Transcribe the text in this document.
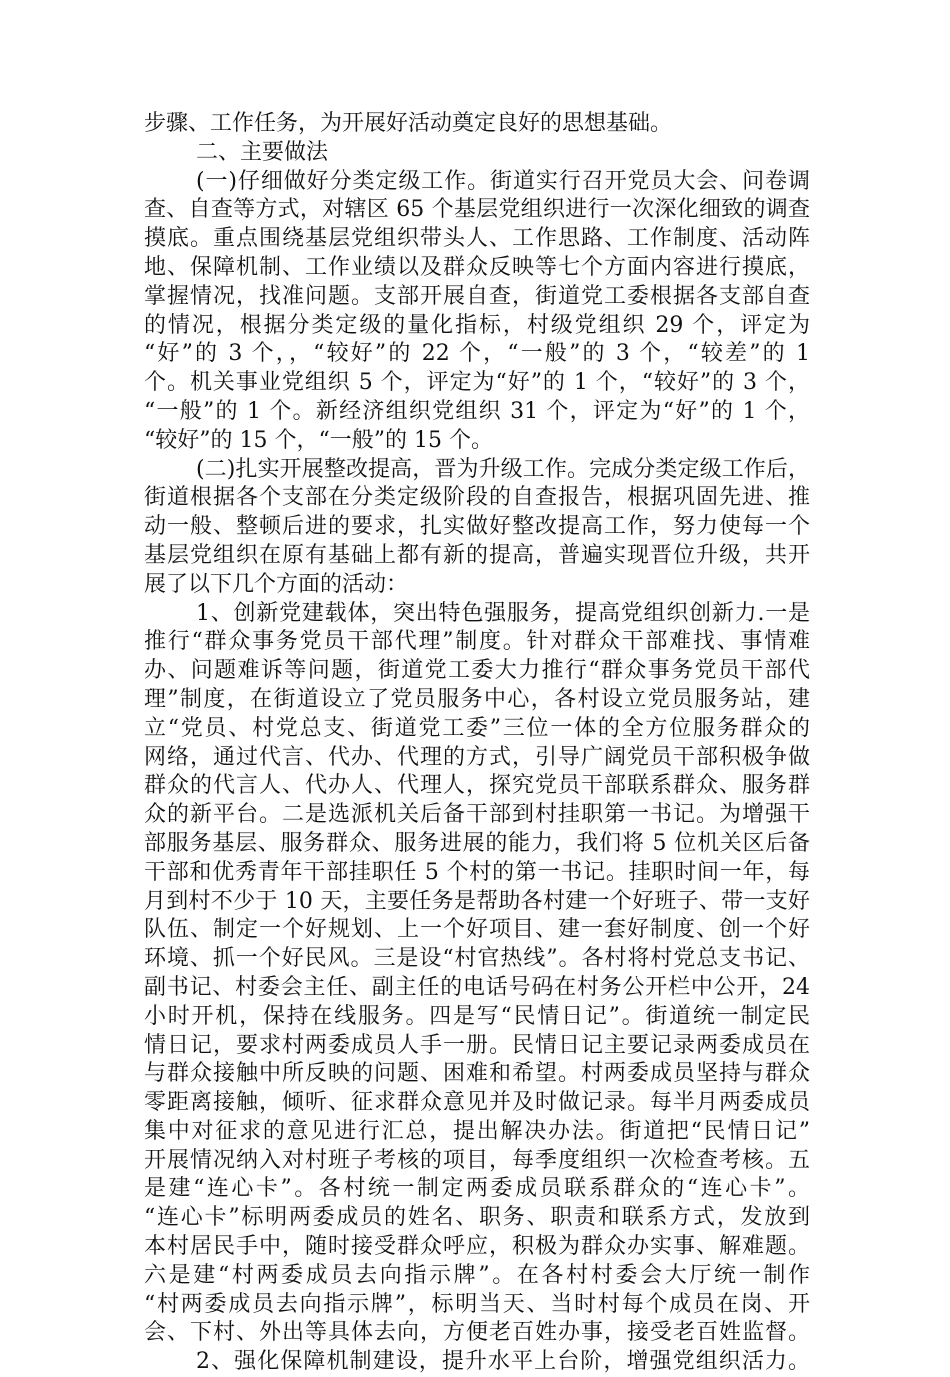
步骤、工作任务，为开展好活动奠定良好的思想基础。
二、主要做法
(一)仔细做好分类定级工作。街道实行召开党员大会、问卷调
查、自查等方式，对辖区 65 个基层党组织进行一次深化细致的调查
摸底。重点围绕基层党组织带头人、工作思路、工作制度、活动阵
地、保障机制、工作业绩以及群众反映等七个方面内容进行摸底，
掌握情况，找准问题。支部开展自查，街道党工委根据各支部自查
的情况，根据分类定级的量化指标，村级党组织 29 个，评定为
“好”的 3 个，，“较好”的 22 个，“一般”的 3 个，“较差”的 1
个。机关事业党组织 5 个，评定为“好”的 1 个，“较好”的 3 个，
“一般”的 1 个。新经济组织党组织 31 个，评定为“好”的 1 个，
“较好”的 15 个，“一般”的 15 个。
(二)扎实开展整改提高，晋为升级工作。完成分类定级工作后，
街道根据各个支部在分类定级阶段的自查报告，根据巩固先进、推
动一般、整顿后进的要求，扎实做好整改提高工作，努力使每一个
基层党组织在原有基础上都有新的提高，普遍实现晋位升级，共开
展了以下几个方面的活动：
1、创新党建载体，突出特色强服务，提高党组织创新力.一是
推行“群众事务党员干部代理”制度。针对群众干部难找、事情难
办、问题难诉等问题，街道党工委大力推行“群众事务党员干部代
理”制度，在街道设立了党员服务中心，各村设立党员服务站，建
立“党员、村党总支、街道党工委”三位一体的全方位服务群众的
网络，通过代言、代办、代理的方式，引导广阔党员干部积极争做
群众的代言人、代办人、代理人，探究党员干部联系群众、服务群
众的新平台。二是选派机关后备干部到村挂职第一书记。为增强干
部服务基层、服务群众、服务进展的能力，我们将 5 位机关区后备
干部和优秀青年干部挂职任 5 个村的第一书记。挂职时间一年，每
月到村不少于 10 天，主要任务是帮助各村建一个好班子、带一支好
队伍、制定一个好规划、上一个好项目、建一套好制度、创一个好
环境、抓一个好民风。三是设“村官热线”。各村将村党总支书记、
副书记、村委会主任、副主任的电话号码在村务公开栏中公开，24
小时开机，保持在线服务。四是写“民情日记”。街道统一制定民
情日记，要求村两委成员人手一册。民情日记主要记录两委成员在
与群众接触中所反映的问题、困难和希望。村两委成员坚持与群众
零距离接触，倾听、征求群众意见并及时做记录。每半月两委成员
集中对征求的意见进行汇总，提出解决办法。街道把“民情日记”
开展情况纳入对村班子考核的项目，每季度组织一次检查考核。五
是建“连心卡”。各村统一制定两委成员联系群众的“连心卡”。
“连心卡”标明两委成员的姓名、职务、职责和联系方式，发放到
本村居民手中，随时接受群众呼应，积极为群众办实事、解难题。
六是建“村两委成员去向指示牌”。在各村村委会大厅统一制作
“村两委成员去向指示牌”，标明当天、当时村每个成员在岗、开
会、下村、外出等具体去向，方便老百姓办事，接受老百姓监督。
2、强化保障机制建设，提升水平上台阶，增强党组织活力。
